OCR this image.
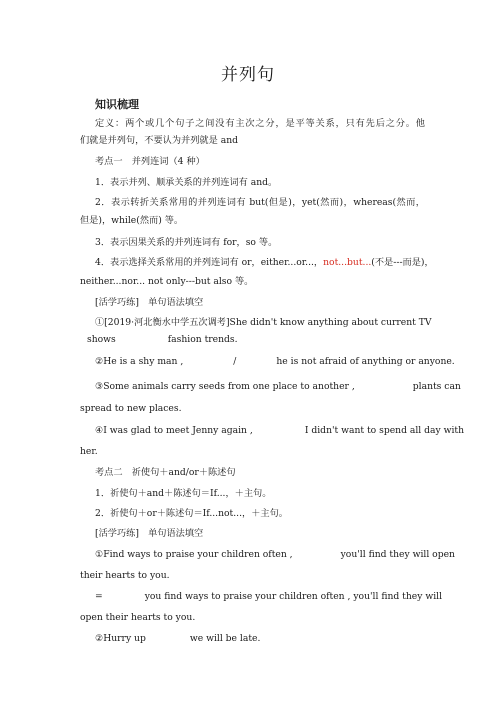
并列句
知识梳理
定义：两个或几个句子之间没有主次之分，是平等关系，只有先后之分。他
们就是并列句，不要认为并列就是 and
考点一　并列连词（4 种）
1．表示并列、顺承关系的并列连词有 and。
2．表示转折关系常用的并列连词有 but(但是)，yet(然而)，whereas(然而，
但是)，while(然而) 等。
3．表示因果关系的并列连词有 for，so 等。
4．表示选择关系常用的并列连词有 or，either...or...，not...but...(不是---而是)，
neither...nor... not only---but also 等。
[活学巧练]　单句语法填空
①[2019·河北衡水中学五次调考]She didn't know anything about current TV
shows	fashion trends.
②He is a shy man ,	/	he is not afraid of anything or anyone.
③Some animals carry seeds from one place to another ,	plants can
spread to new places.
④I was glad to meet Jenny again ,	I didn't want to spend all day with
her.
考点二　祈使句＋and/or＋陈述句
1．祈使句＋and＋陈述句＝If...，＋主句。
2．祈使句＋or＋陈述句＝If...not...，＋主句。
[活学巧练]　单句语法填空
①Find ways to praise your children often ,	you'll find they will open
their hearts to you.
=	you find ways to praise your children often , you'll find they will
open their hearts to you.
②Hurry up	we will be late.
